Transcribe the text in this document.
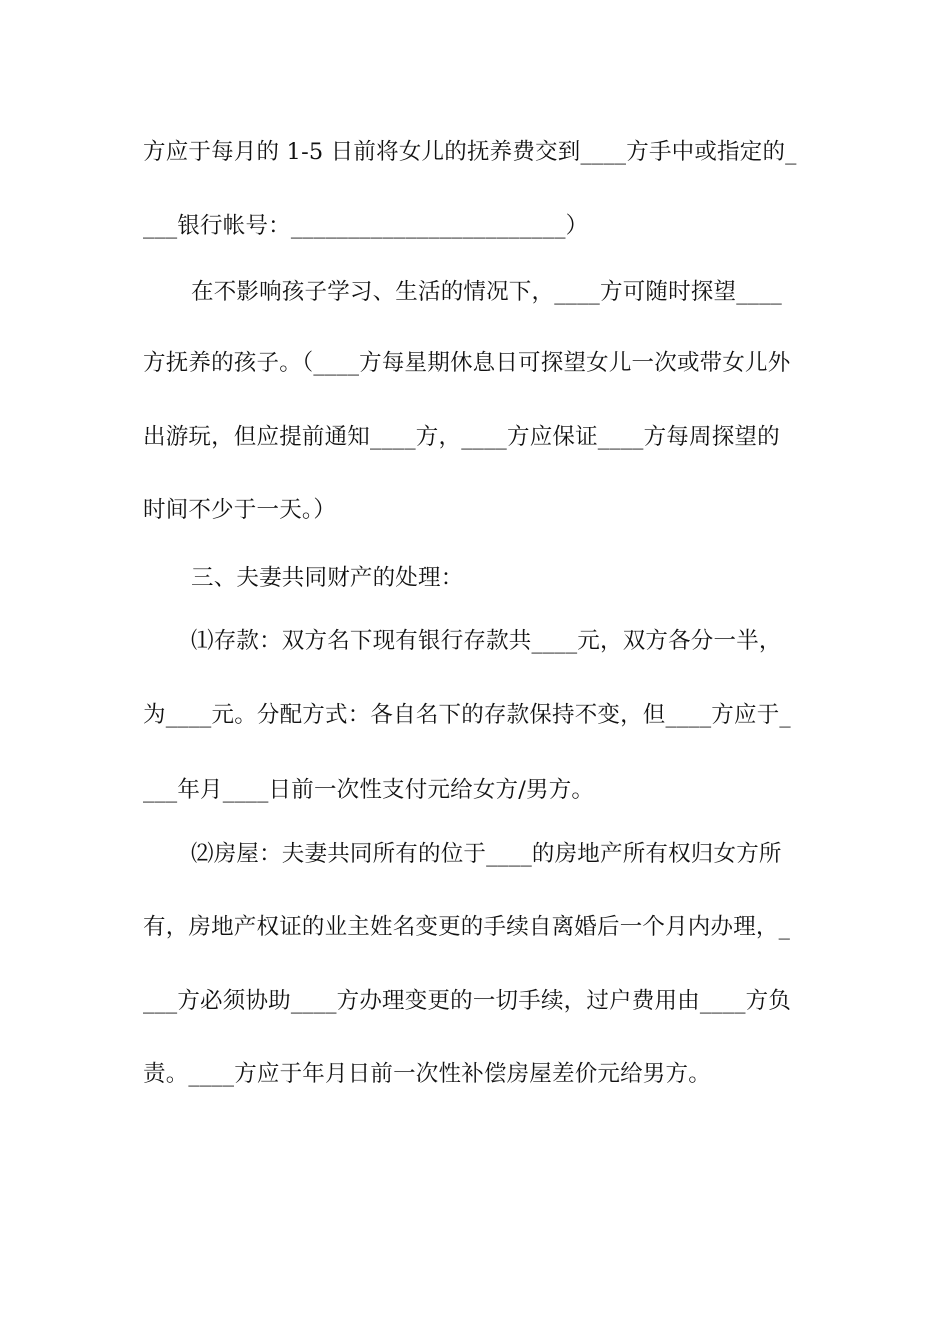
方应于每月的 1-5 日前将女儿的抚养费交到____方手中或指定的_
___银行帐号：________________________）
在不影响孩子学习、生活的情况下，____方可随时探望____
方抚养的孩子。（____方每星期休息日可探望女儿一次或带女儿外
出游玩，但应提前通知____方，____方应保证____方每周探望的
时间不少于一天。）
三、夫妻共同财产的处理：
⑴存款：双方名下现有银行存款共____元，双方各分一半，
为____元。分配方式：各自名下的存款保持不变，但____方应于_
___年月____日前一次性支付元给女方/男方。
⑵房屋：夫妻共同所有的位于____的房地产所有权归女方所
有，房地产权证的业主姓名变更的手续自离婚后一个月内办理，_
___方必须协助____方办理变更的一切手续，过户费用由____方负
责。____方应于年月日前一次性补偿房屋差价元给男方。
